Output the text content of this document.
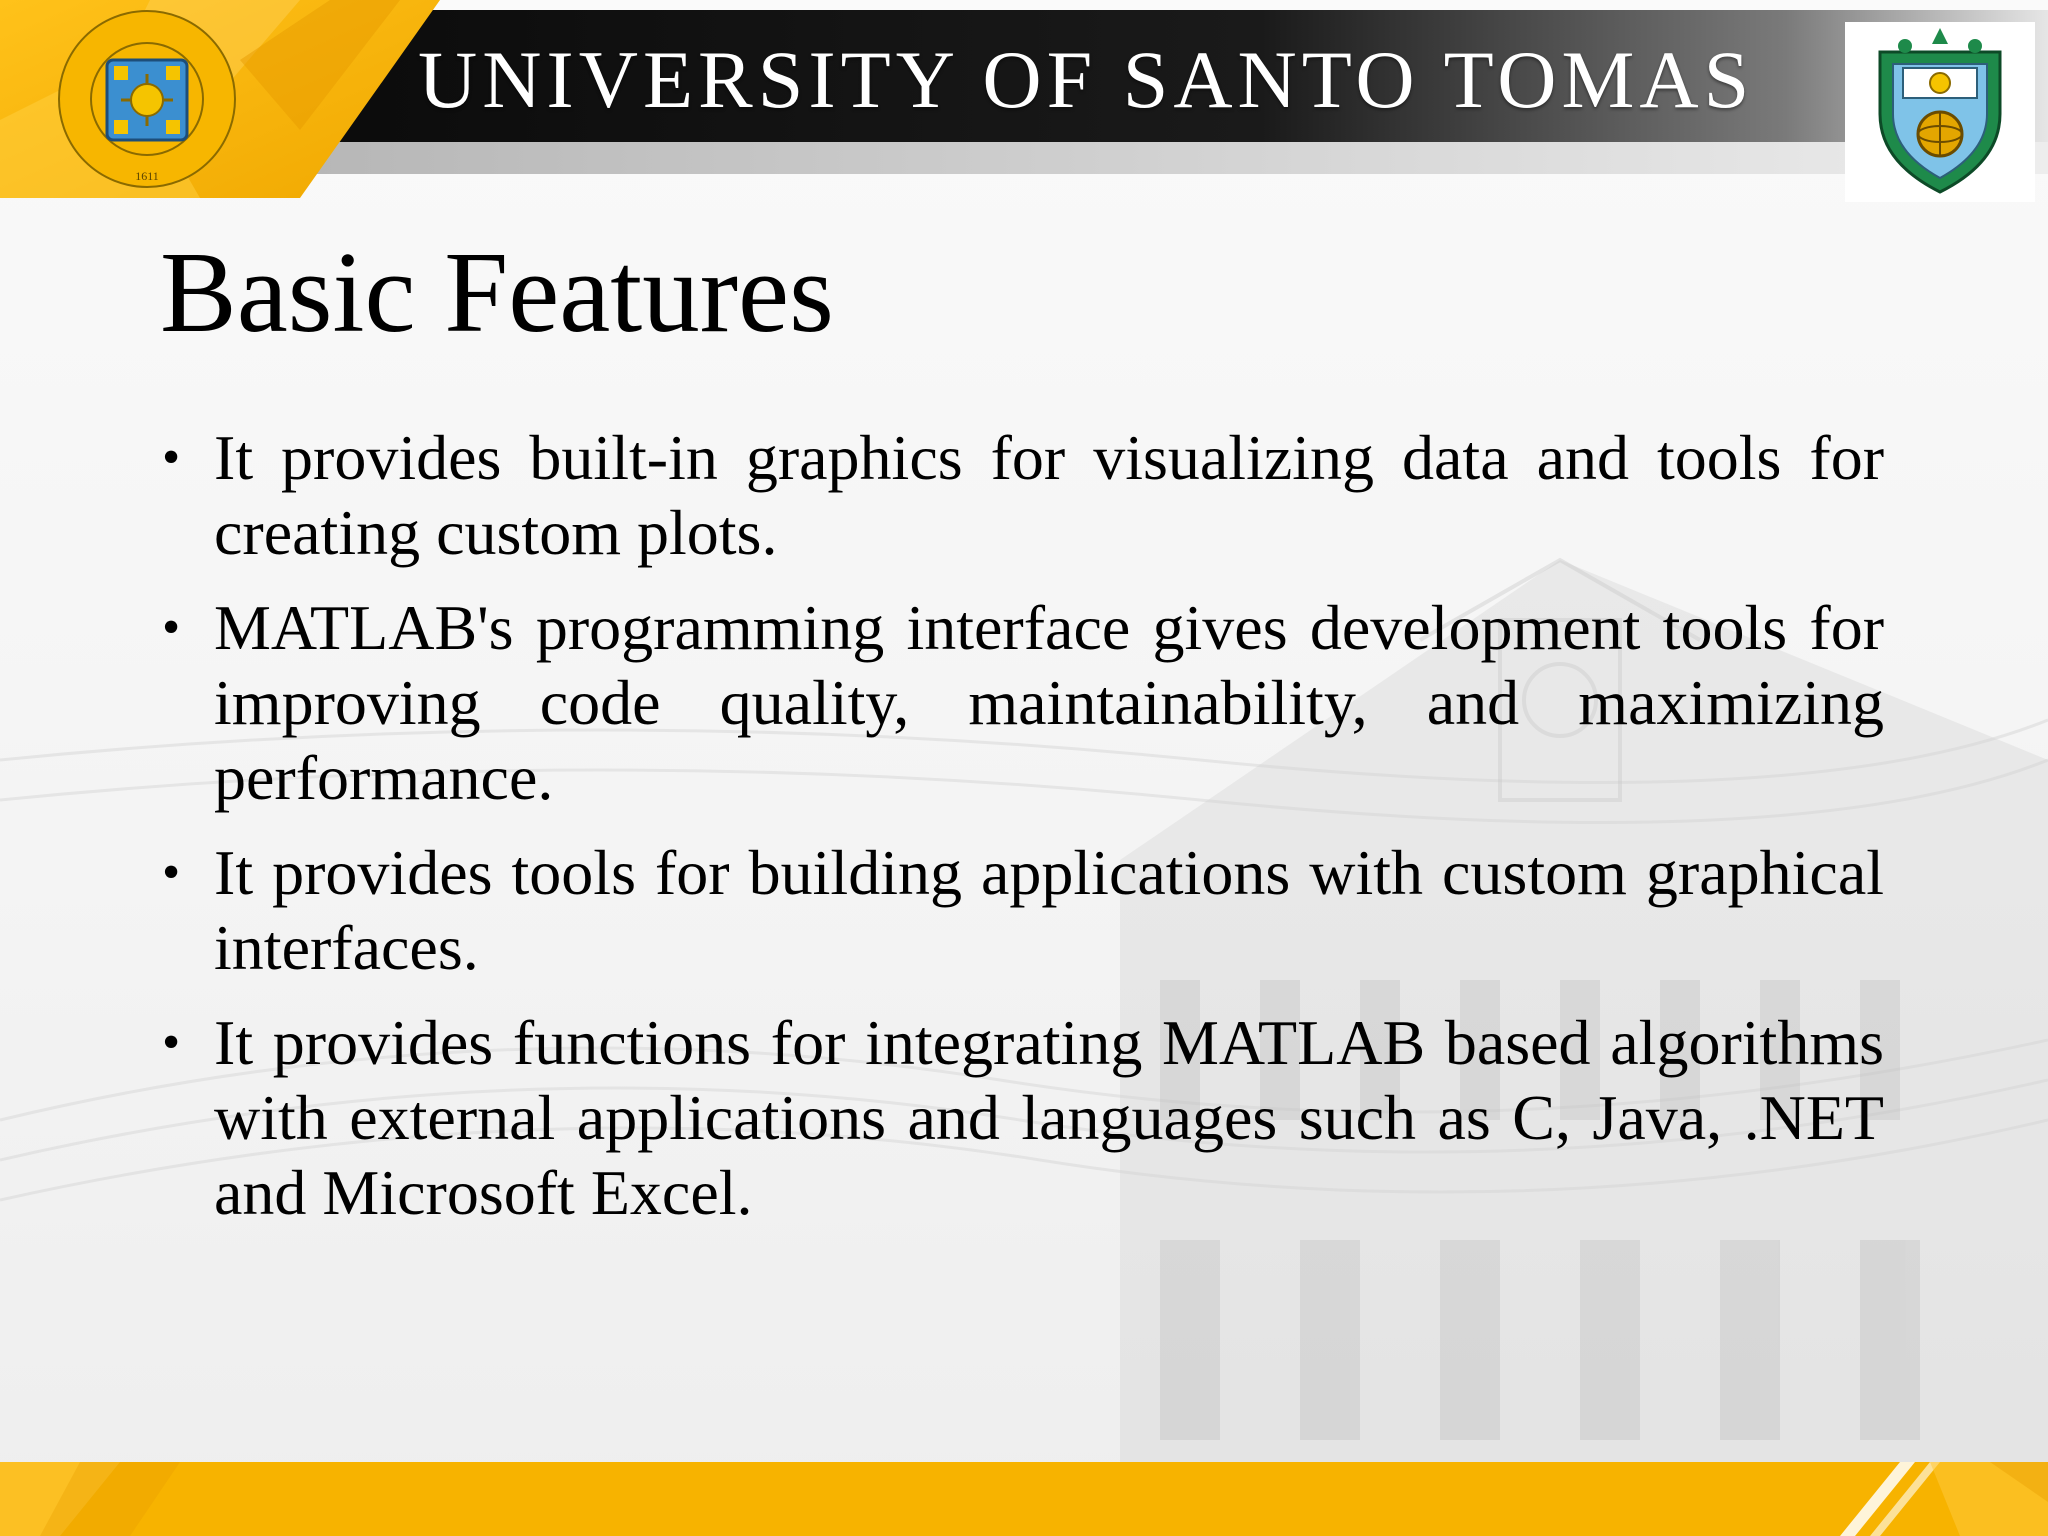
1611
UNIVERSITY OF SANTO TOMAS
Basic Features
• It provides built-in graphics for visualizing data and tools for creating custom plots.
• MATLAB's programming interface gives development tools for improving code quality, maintainability, and maximizing performance.
• It provides tools for building applications with custom graphical interfaces.
• It provides functions for integrating MATLAB based algorithms with external applications and languages such as C, Java, .NET and Microsoft Excel.
